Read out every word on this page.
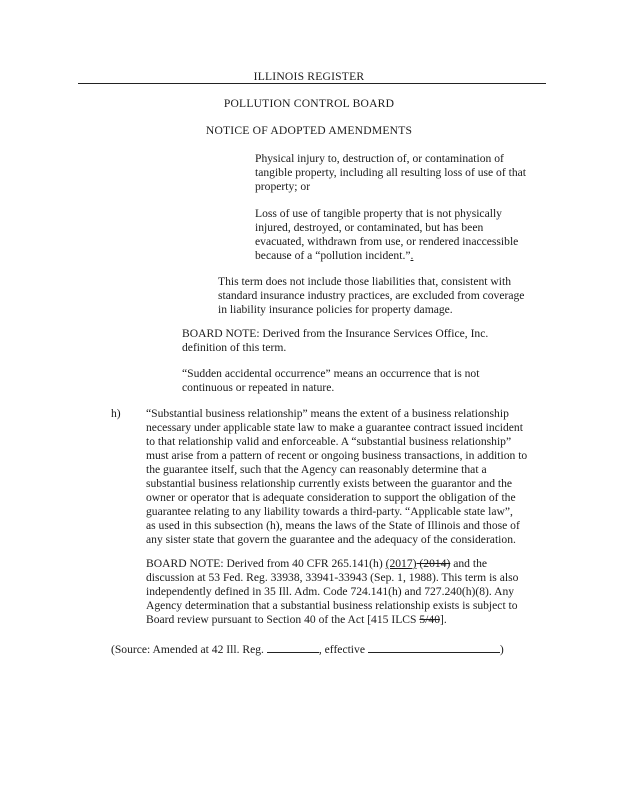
ILLINOIS REGISTER
POLLUTION CONTROL BOARD
NOTICE OF ADOPTED AMENDMENTS
Physical injury to, destruction of, or contamination of
tangible property, including all resulting loss of use of that
property; or
Loss of use of tangible property that is not physically
injured, destroyed, or contaminated, but has been
evacuated, withdrawn from use, or rendered inaccessible
because of a “pollution incident.”.
This term does not include those liabilities that, consistent with
standard insurance industry practices, are excluded from coverage
in liability insurance policies for property damage.
BOARD NOTE: Derived from the Insurance Services Office, Inc.
definition of this term.
“Sudden accidental occurrence” means an occurrence that is not
continuous or repeated in nature.
h) “Substantial business relationship” means the extent of a business relationship
necessary under applicable state law to make a guarantee contract issued incident
to that relationship valid and enforceable. A “substantial business relationship”
must arise from a pattern of recent or ongoing business transactions, in addition to
the guarantee itself, such that the Agency can reasonably determine that a
substantial business relationship currently exists between the guarantor and the
owner or operator that is adequate consideration to support the obligation of the
guarantee relating to any liability towards a third-party. “Applicable state law”,
as used in this subsection (h), means the laws of the State of Illinois and those of
any sister state that govern the guarantee and the adequacy of the consideration.
BOARD NOTE: Derived from 40 CFR 265.141(h) (2017) (2014) and the
discussion at 53 Fed. Reg. 33938, 33941-33943 (Sep. 1, 1988). This term is also
independently defined in 35 Ill. Adm. Code 724.141(h) and 727.240(h)(8). Any
Agency determination that a substantial business relationship exists is subject to
Board review pursuant to Section 40 of the Act [415 ILCS 5/40].
(Source: Amended at 42 Ill. Reg.	, effective	)
